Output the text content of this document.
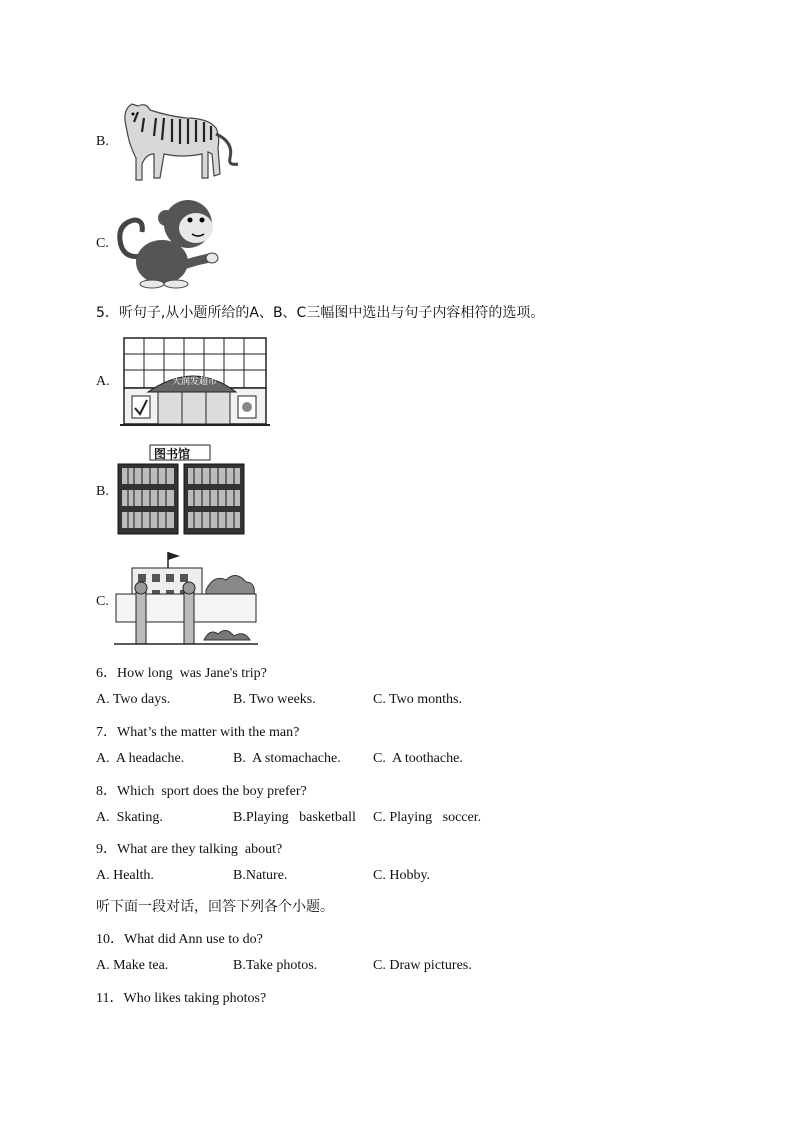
B.
C.
5．听句子,从小题所给的A、B、C三幅图中选出与句子内容相符的选项。
A.	大润发超市
B.
图书馆
C.
6．How long  was Jane's trip?
A. Two days.	B. Two weeks.	C. Two months.
7．What’s the matter with the man?
A.  A headache.	B.  A stomachache. C.  A toothache.
8．Which  sport does the boy prefer?
A.  Skating.	B.Playing   basketball C. Playing   soccer.
9．What are they talking  about?
A. Health.	B.Nature.	C. Hobby.
听下面一段对话，回答下列各个小题。
10．What did Ann use to do?
A. Make tea.	B.Take photos.	C. Draw pictures.
11．Who likes taking photos?
